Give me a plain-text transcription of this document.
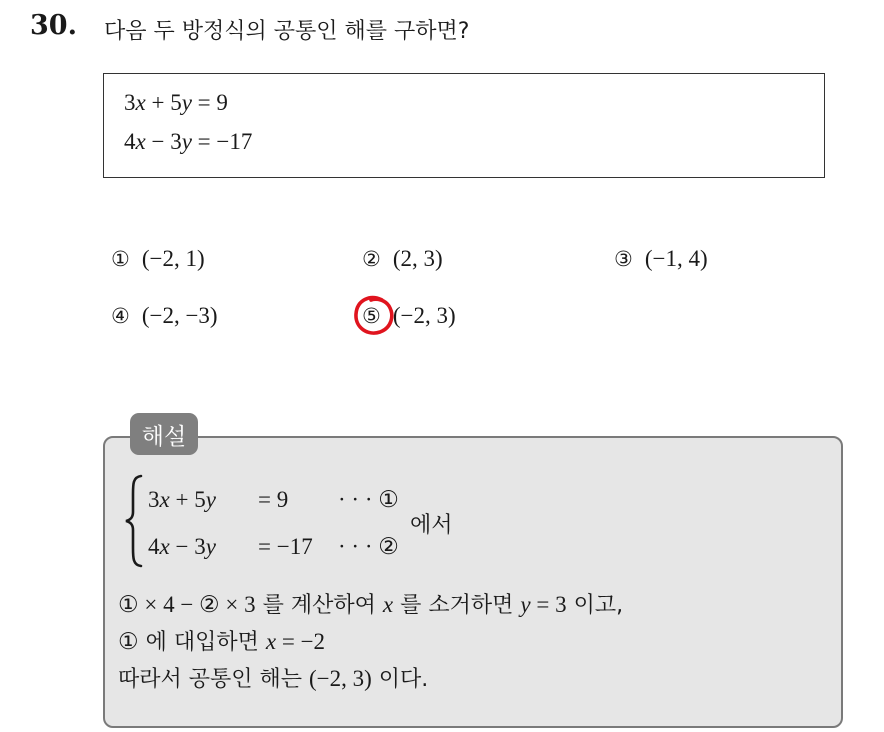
30. 다음 두 방정식의 공통인 해를 구하면?
3x + 5y = 9
4x − 3y = −17
① (−2, 1)	② (2, 3)	③ (−1, 4)
④ (−2, −3)	⑤ (−2, 3)
해설
3x + 5y = 9 · · · ①
4x − 3y = −17 · · · ②
에서
① × 4 − ② × 3 를 계산하여 x 를 소거하면 y = 3 이고,
① 에 대입하면 x = −2
따라서 공통인 해는 (−2, 3) 이다.
